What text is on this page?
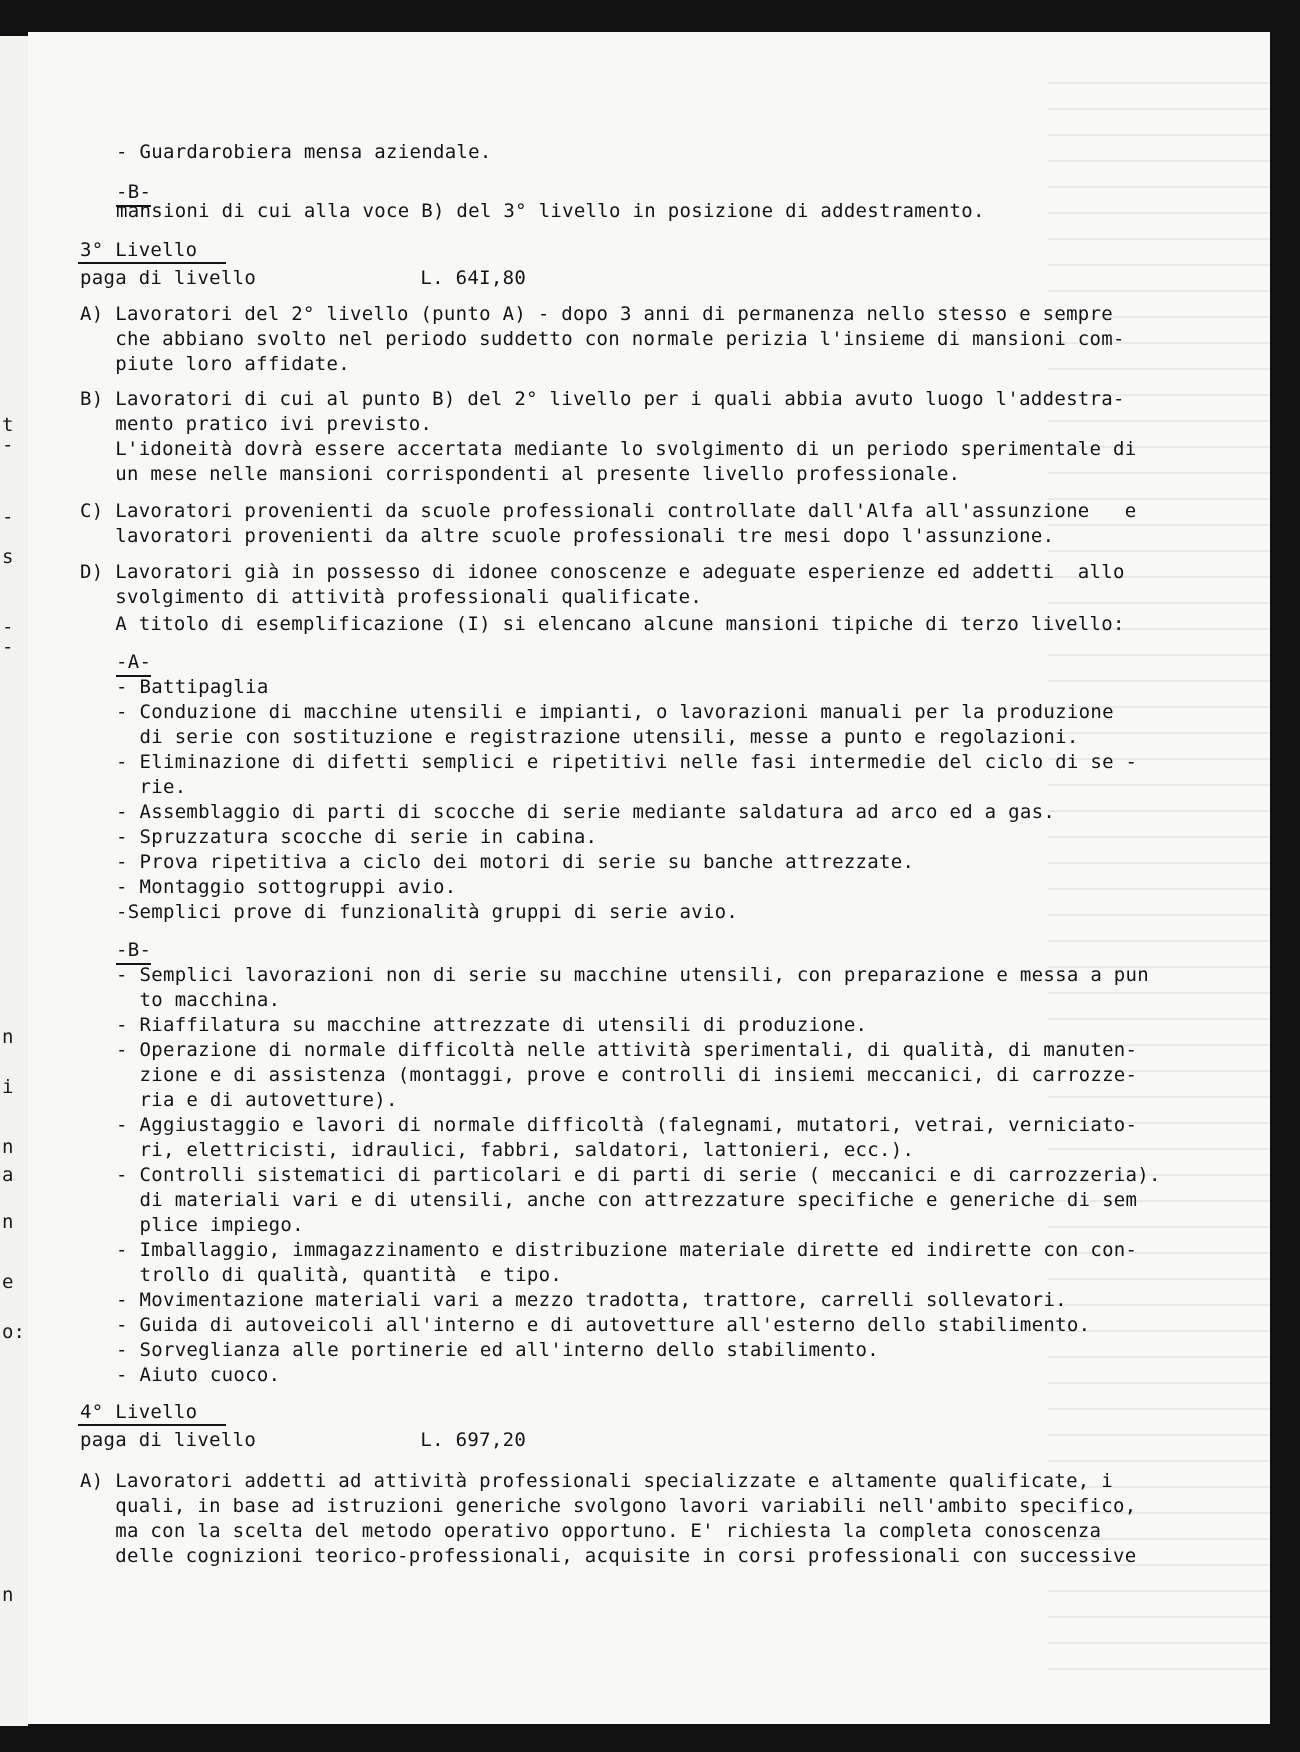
t
-
-
s
-
-
n
i
n
a
n
e
o:
n
- Guardarobiera mensa aziendale.
-B-
mansioni di cui alla voce B) del 3° livello in posizione di addestramento.
3° Livello
paga di livello              L. 64I,80
A) Lavoratori del 2° livello (punto A) - dopo 3 anni di permanenza nello stesso e sempre
che abbiano svolto nel periodo suddetto con normale perizia l'insieme di mansioni com-
piute loro affidate.
B) Lavoratori di cui al punto B) del 2° livello per i quali abbia avuto luogo l'addestra-
mento pratico ivi previsto.
L'idoneità dovrà essere accertata mediante lo svolgimento di un periodo sperimentale di
un mese nelle mansioni corrispondenti al presente livello professionale.
C) Lavoratori provenienti da scuole professionali controllate dall'Alfa all'assunzione   e
lavoratori provenienti da altre scuole professionali tre mesi dopo l'assunzione.
D) Lavoratori già in possesso di idonee conoscenze e adeguate esperienze ed addetti  allo
svolgimento di attività professionali qualificate.
A titolo di esemplificazione (I) si elencano alcune mansioni tipiche di terzo livello:
-A-
- Battipaglia
- Conduzione di macchine utensili e impianti, o lavorazioni manuali per la produzione
di serie con sostituzione e registrazione utensili, messe a punto e regolazioni.
- Eliminazione di difetti semplici e ripetitivi nelle fasi intermedie del ciclo di se -
rie.
- Assemblaggio di parti di scocche di serie mediante saldatura ad arco ed a gas.
- Spruzzatura scocche di serie in cabina.
- Prova ripetitiva a ciclo dei motori di serie su banche attrezzate.
- Montaggio sottogruppi avio.
-Semplici prove di funzionalità gruppi di serie avio.
-B-
- Semplici lavorazioni non di serie su macchine utensili, con preparazione e messa a pun
to macchina.
- Riaffilatura su macchine attrezzate di utensili di produzione.
- Operazione di normale difficoltà nelle attività sperimentali, di qualità, di manuten-
zione e di assistenza (montaggi, prove e controlli di insiemi meccanici, di carrozze-
ria e di autovetture).
- Aggiustaggio e lavori di normale difficoltà (falegnami, mutatori, vetrai, verniciato-
ri, elettricisti, idraulici, fabbri, saldatori, lattonieri, ecc.).
- Controlli sistematici di particolari e di parti di serie ( meccanici e di carrozzeria).
di materiali vari e di utensili, anche con attrezzature specifiche e generiche di sem
plice impiego.
- Imballaggio, immagazzinamento e distribuzione materiale dirette ed indirette con con-
trollo di qualità, quantità  e tipo.
- Movimentazione materiali vari a mezzo tradotta, trattore, carrelli sollevatori.
- Guida di autoveicoli all'interno e di autovetture all'esterno dello stabilimento.
- Sorveglianza alle portinerie ed all'interno dello stabilimento.
- Aiuto cuoco.
4° Livello
paga di livello              L. 697,20
A) Lavoratori addetti ad attività professionali specializzate e altamente qualificate, i
quali, in base ad istruzioni generiche svolgono lavori variabili nell'ambito specifico,
ma con la scelta del metodo operativo opportuno. E' richiesta la completa conoscenza
delle cognizioni teorico-professionali, acquisite in corsi professionali con successive
